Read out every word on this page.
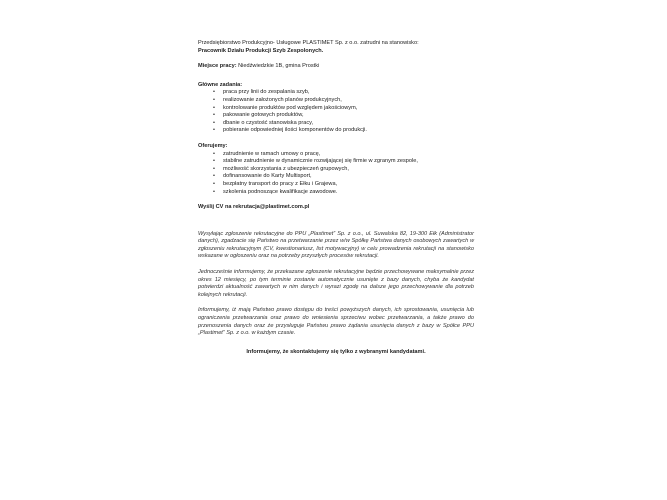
Przedsiębiorstwo Produkcyjno- Usługowe PLASTIMET Sp. z o.o. zatrudni na stanowisko:

Pracownik Działu Produkcji Szyb Zespolonych.

Miejsce pracy: Niedźwiedzkie 1B, gmina Prostki

Główne zadania:

• praca przy linii do zespalania szyb,
• realizowanie założonych planów produkcyjnych,
• kontrolowanie produktów pod względem jakościowym,
• pakowanie gotowych produktów,
• dbanie o czystość stanowiska pracy,
• pobieranie odpowiedniej ilości komponentów do produkcji.

Oferujemy:

• zatrudnienie w ramach umowy o pracę,
• stabilne zatrudnienie w dynamicznie rozwijającej się firmie w zgranym zespole,
• możliwość skorzystania z ubezpieczeń grupowych,
• dofinansowanie do Karty Multisport,
• bezpłatny transport do pracy z Ełku i Grajewa,
• szkolenia podnoszące kwalifikacje zawodowe.

Wyślij CV na rekrutacja@plastimet.com.pl

Wysyłając zgłoszenie rekrutacyjne do PPU „Plastimet” Sp. z o.o., ul. Suwalska 82, 19-300 Ełk (Administrator danych), zgadzacie się Państwo na przetwarzanie przez w/w Spółkę Państwa danych osobowych zawartych w zgłoszeniu rekrutacyjnym (CV, kwestionariusz, list motywacyjny) w celu prowadzenia rekrutacji na stanowisko wskazane w ogłoszeniu oraz na potrzeby przyszłych procesów rekrutacji.

Jednocześnie informujemy, że przekazane zgłoszenie rekrutacyjne będzie przechowywane maksymalnie przez okres 12 miesięcy, po tym terminie zostanie automatycznie usunięte z bazy danych, chyba że kandydat potwierdzi aktualność zawartych w nim danych i wyrazi zgodę na dalsze jego przechowywanie dla potrzeb kolejnych rekrutacji.

Informujemy, iż mają Państwo prawo dostępu do treści powyższych danych, ich sprostowania, usunięcia lub ograniczenia przetwarzania oraz prawo do wniesienia sprzeciwu wobec przetwarzania, a także prawo do przenoszenia danych oraz że przysługuje Państwu prawo żądania usunięcia danych z bazy w Spółce PPU „Plastimet” Sp. z o.o. w każdym czasie.

Informujemy, że skontaktujemy się tylko z wybranymi kandydatami.
